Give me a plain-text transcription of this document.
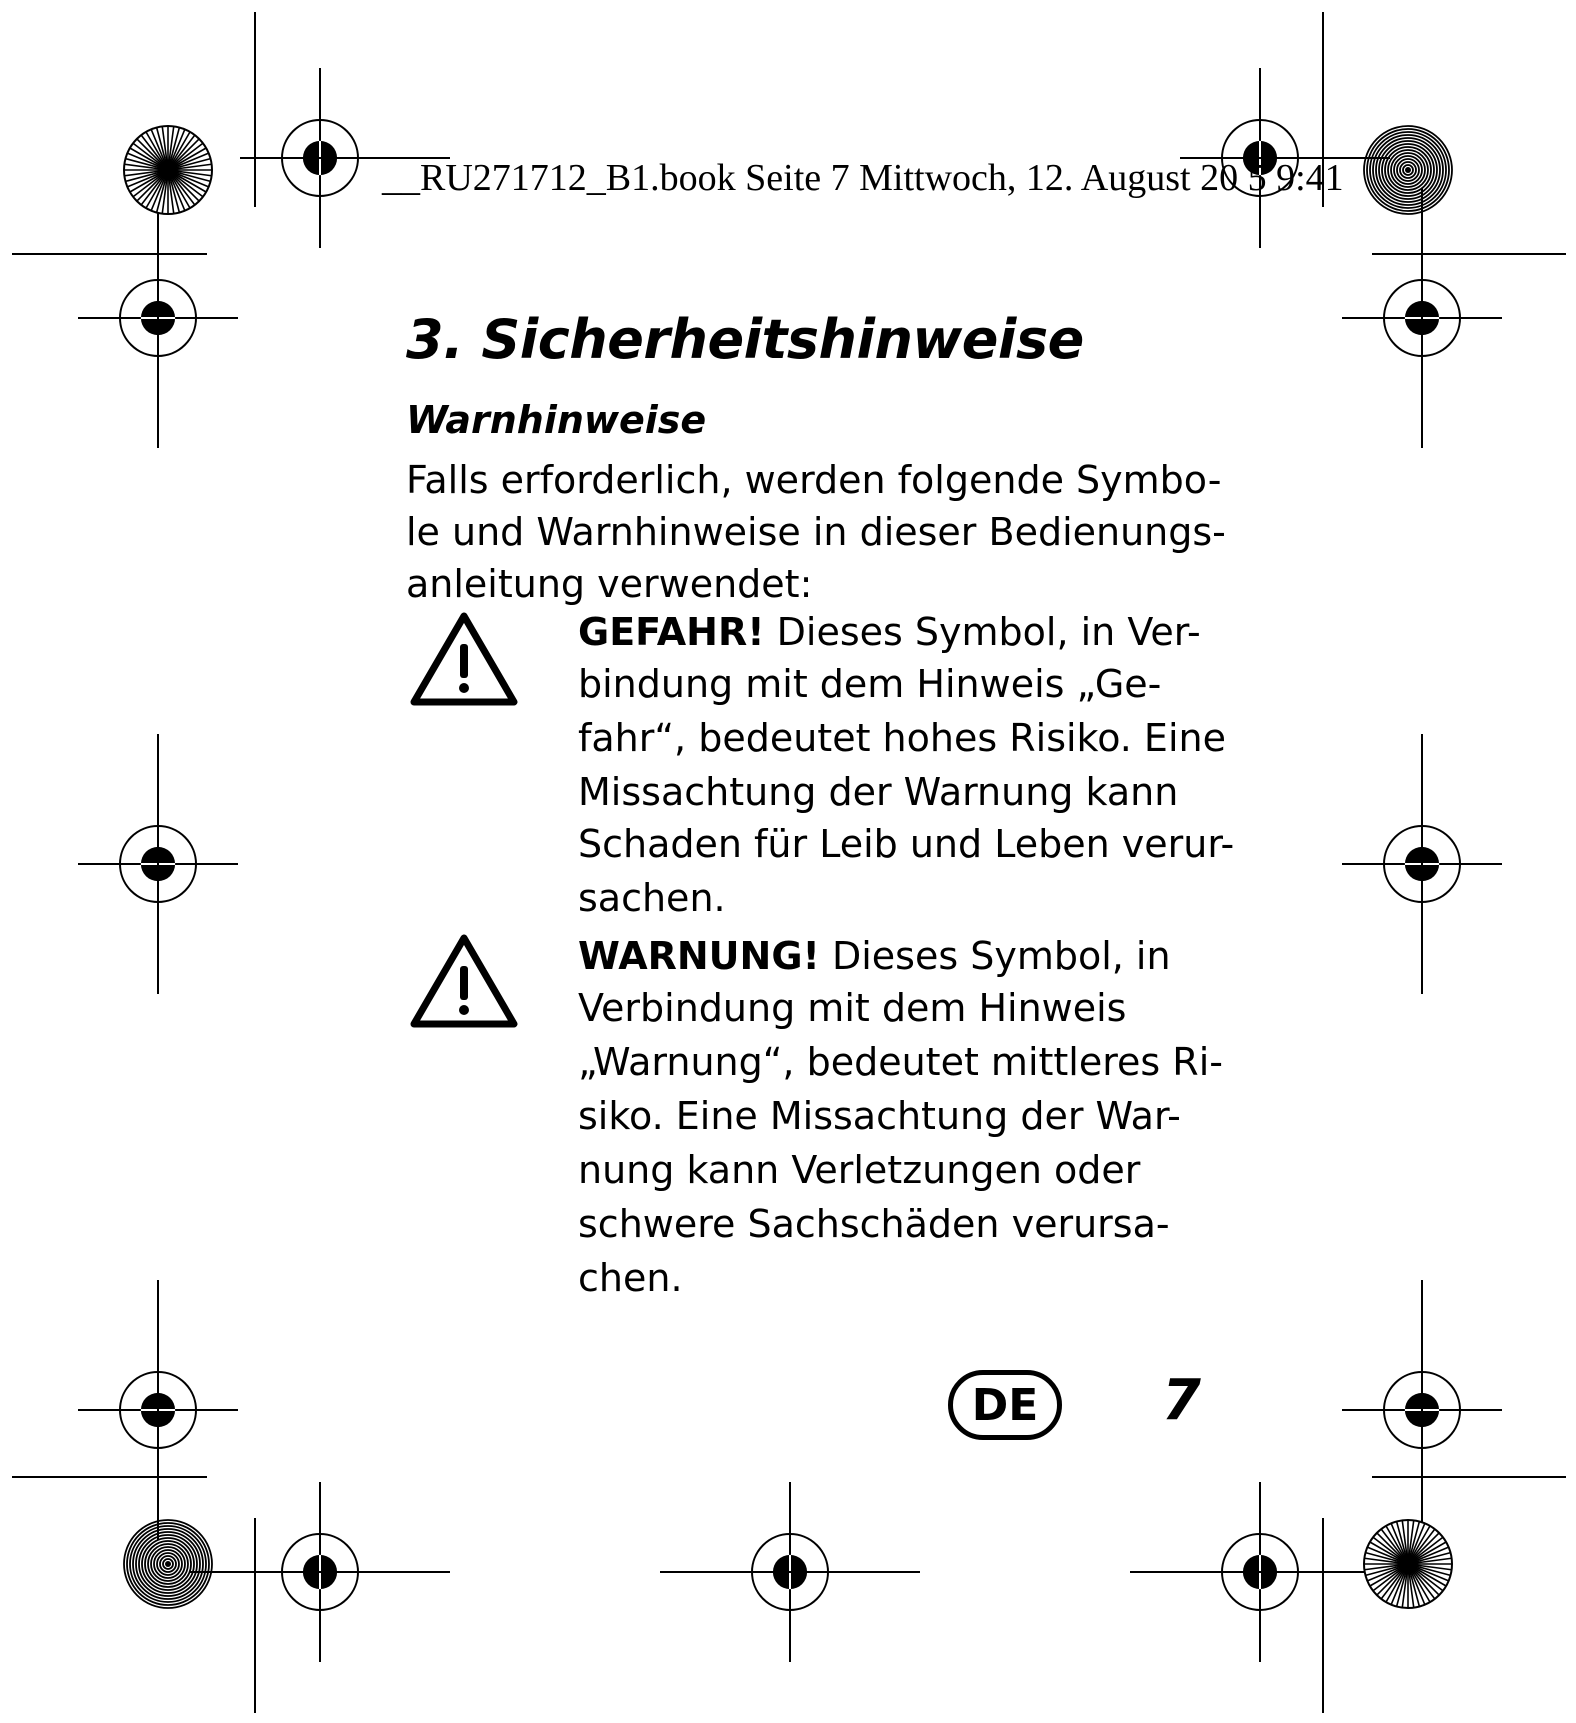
__RU271712_B1.book Seite 7 Mittwoch, 12. August 20 5 9:41
3. Sicherheitshinweise
Warnhinweise
Falls erforderlich, werden folgende Symbo-
le und Warnhinweise in dieser Bedienungs-
anleitung verwendet:
GEFAHR! Dieses Symbol, in Ver-
bindung mit dem Hinweis „Ge-
fahr“, bedeutet hohes Risiko. Eine
Missachtung der Warnung kann
Schaden für Leib und Leben verur-
sachen.
WARNUNG! Dieses Symbol, in
Verbindung mit dem Hinweis
„Warnung“, bedeutet mittleres Ri-
siko. Eine Missachtung der War-
nung kann Verletzungen oder
schwere Sachschäden verursa-
chen.
DE	7
